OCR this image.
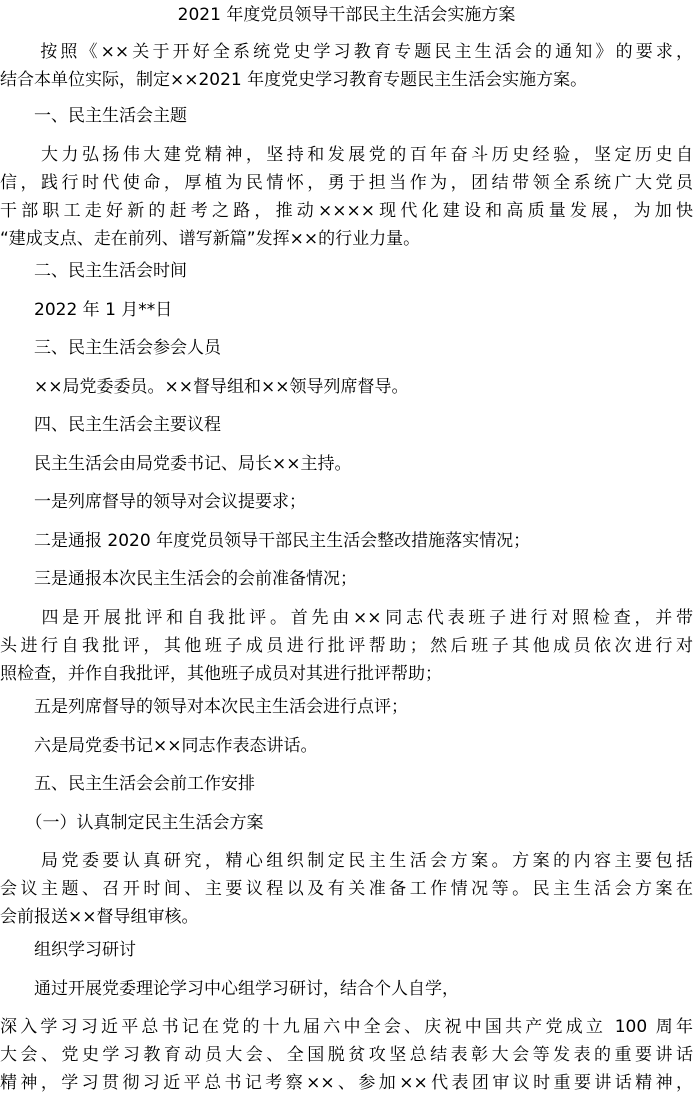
2021 年度党员领导干部民主生活会实施方案
　　按照《××关于开好全系统党史学习教育专题民主生活会的通知》的要求，
结合本单位实际，制定××2021 年度党史学习教育专题民主生活会实施方案。
　　一、民主生活会主题
　　大力弘扬伟大建党精神，坚持和发展党的百年奋斗历史经验，坚定历史自
信，践行时代使命，厚植为民情怀，勇于担当作为，团结带领全系统广大党员
干部职工走好新的赶考之路，推动××××现代化建设和高质量发展，为加快
“建成支点、走在前列、谱写新篇”发挥××的行业力量。
　　二、民主生活会时间
　　2022 年 1 月**日
　　三、民主生活会参会人员
　　××局党委委员。××督导组和××领导列席督导。
　　四、民主生活会主要议程
　　民主生活会由局党委书记、局长××主持。
　　一是列席督导的领导对会议提要求；
　　二是通报 2020 年度党员领导干部民主生活会整改措施落实情况；
　　三是通报本次民主生活会的会前准备情况；
　　四是开展批评和自我批评。首先由××同志代表班子进行对照检查，并带
头进行自我批评，其他班子成员进行批评帮助；然后班子其他成员依次进行对
照检查，并作自我批评，其他班子成员对其进行批评帮助；
　　五是列席督导的领导对本次民主生活会进行点评；
　　六是局党委书记××同志作表态讲话。
　　五、民主生活会会前工作安排
　　（一）认真制定民主生活会方案
　　局党委要认真研究，精心组织制定民主生活会方案。方案的内容主要包括
会议主题、召开时间、主要议程以及有关准备工作情况等。民主生活会方案在
会前报送××督导组审核。
　　组织学习研讨
　　通过开展党委理论学习中心组学习研讨，结合个人自学，
深入学习习近平总书记在党的十九届六中全会、庆祝中国共产党成立 100 周年
大会、党史学习教育动员大会、全国脱贫攻坚总结表彰大会等发表的重要讲话
精神，学习贯彻习近平总书记考察××、参加××代表团审议时重要讲话精神，
